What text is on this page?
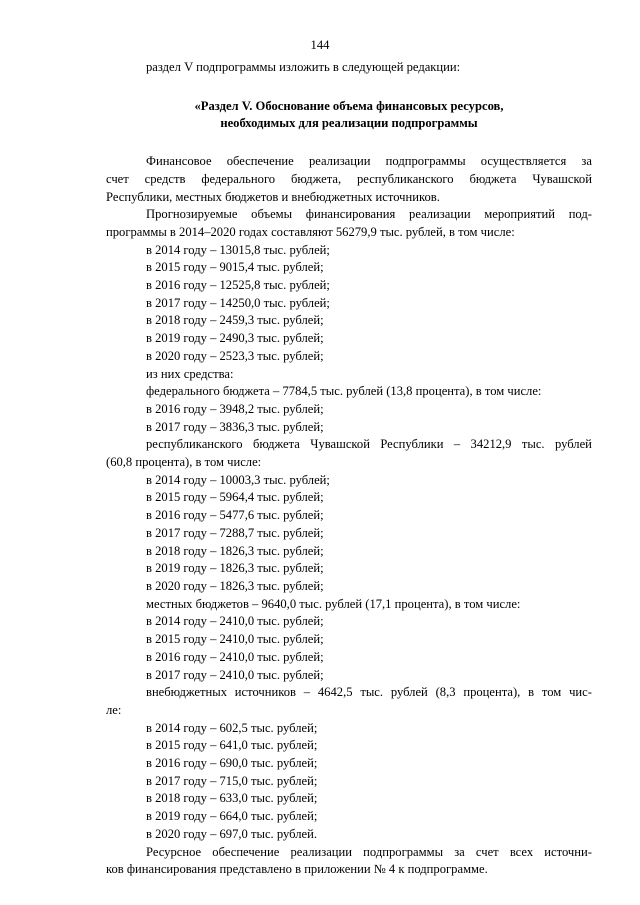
144
раздел V подпрограммы изложить в следующей редакции:
«Раздел V. Обоснование объема финансовых ресурсов,
необходимых для реализации подпрограммы
Финансовое обеспечение реализации подпрограммы осуществляется за
счет средств федерального бюджета, республиканского бюджета Чувашской
Республики, местных бюджетов и внебюджетных источников.
Прогнозируемые объемы финансирования реализации мероприятий под-
программы в 2014–2020 годах составляют 56279,9 тыс. рублей, в том числе:
в 2014 году – 13015,8 тыс. рублей;
в 2015 году – 9015,4 тыс. рублей;
в 2016 году – 12525,8 тыс. рублей;
в 2017 году – 14250,0 тыс. рублей;
в 2018 году – 2459,3 тыс. рублей;
в 2019 году – 2490,3 тыс. рублей;
в 2020 году – 2523,3 тыс. рублей;
из них средства:
федерального бюджета – 7784,5 тыс. рублей (13,8 процента), в том числе:
в 2016 году – 3948,2 тыс. рублей;
в 2017 году – 3836,3 тыс. рублей;
республиканского бюджета Чувашской Республики – 34212,9 тыс. рублей
(60,8 процента), в том числе:
в 2014 году – 10003,3 тыс. рублей;
в 2015 году – 5964,4 тыс. рублей;
в 2016 году – 5477,6 тыс. рублей;
в 2017 году – 7288,7 тыс. рублей;
в 2018 году – 1826,3 тыс. рублей;
в 2019 году – 1826,3 тыс. рублей;
в 2020 году – 1826,3 тыс. рублей;
местных бюджетов – 9640,0 тыс. рублей (17,1 процента), в том числе:
в 2014 году – 2410,0 тыс. рублей;
в 2015 году – 2410,0 тыс. рублей;
в 2016 году – 2410,0 тыс. рублей;
в 2017 году – 2410,0 тыс. рублей;
внебюджетных источников – 4642,5 тыс. рублей (8,3 процента), в том чис-
ле:
в 2014 году – 602,5 тыс. рублей;
в 2015 году – 641,0 тыс. рублей;
в 2016 году – 690,0 тыс. рублей;
в 2017 году – 715,0 тыс. рублей;
в 2018 году – 633,0 тыс. рублей;
в 2019 году – 664,0 тыс. рублей;
в 2020 году – 697,0 тыс. рублей.
Ресурсное обеспечение реализации подпрограммы за счет всех источни-
ков финансирования представлено в приложении № 4 к подпрограмме.
